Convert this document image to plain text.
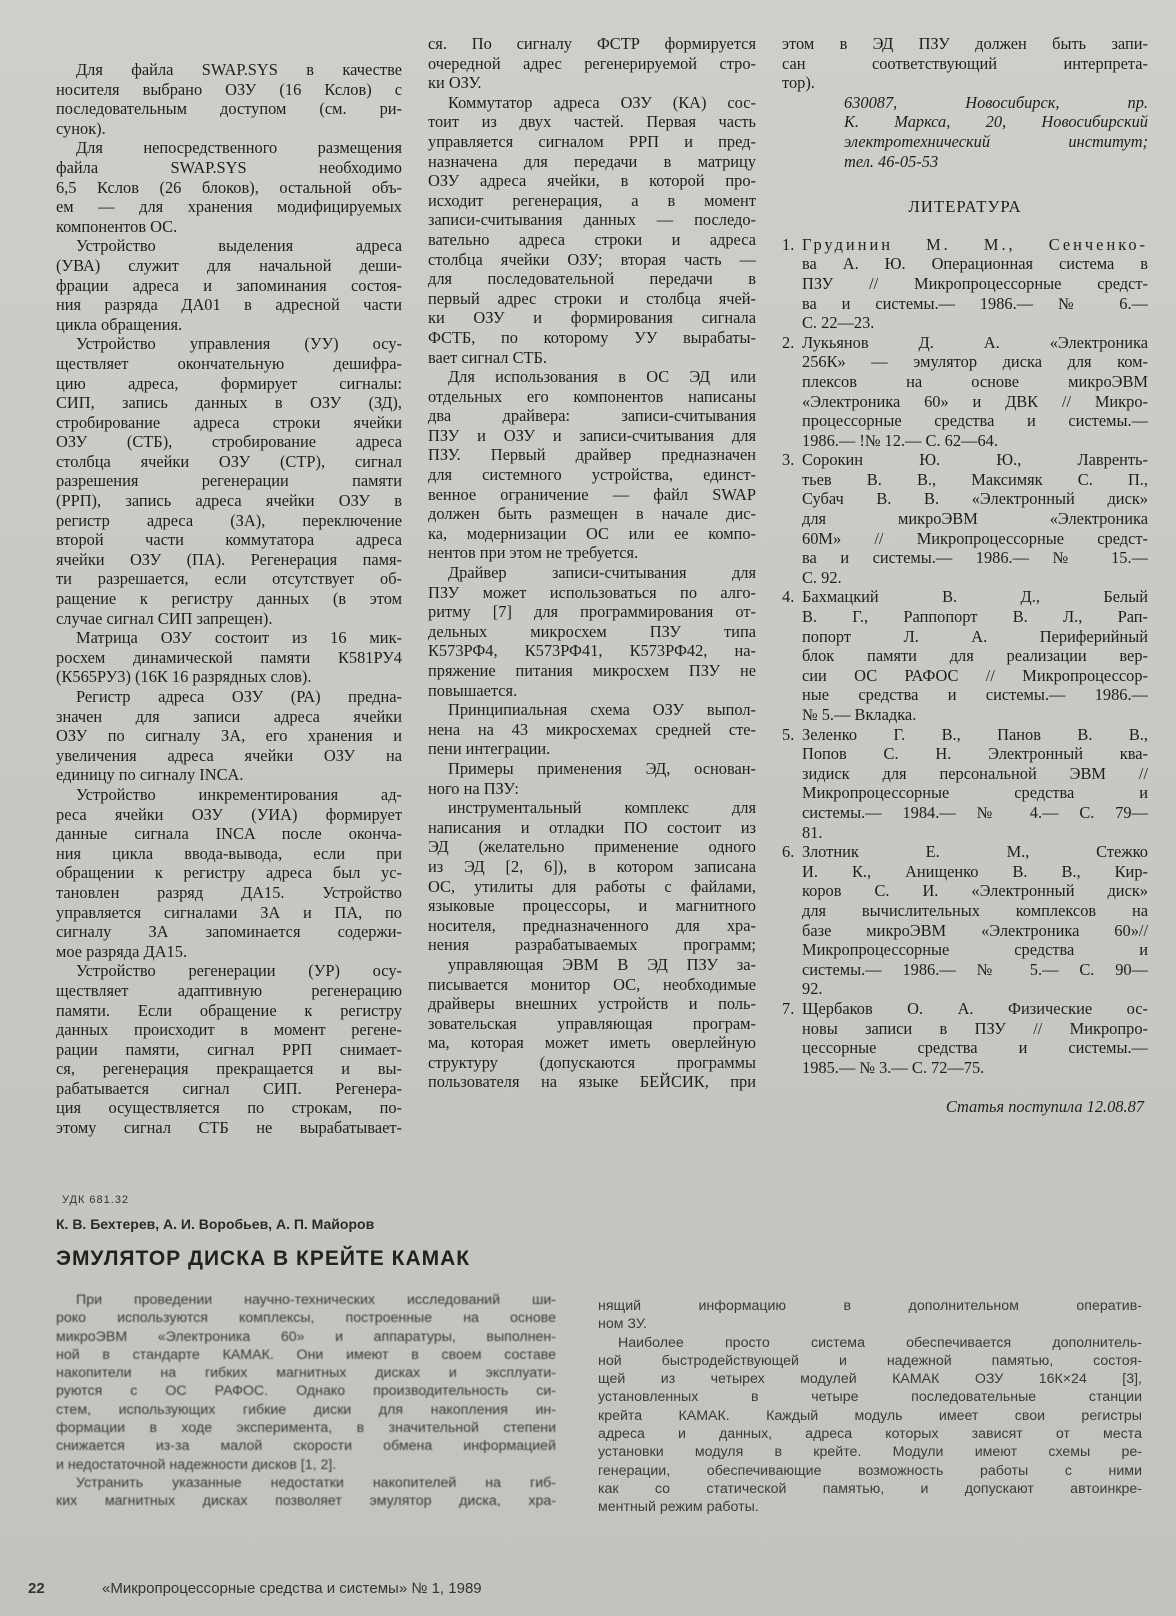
Для файла SWAP.SYS в качестве
носителя выбрано ОЗУ (16 Кслов) с
последовательным доступом (см. ри-
сунок).
Для непосредственного размещения
файла SWAP.SYS необходимо
6,5 Кслов (26 блоков), остальной объ-
ем — для хранения модифицируемых
компонентов ОС.
Устройство выделения адреса
(УВА) служит для начальной деши-
фрации адреса и запоминания состоя-
ния разряда ДА01 в адресной части
цикла обращения.
Устройство управления (УУ) осу-
ществляет окончательную дешифра-
цию адреса, формирует сигналы:
СИП, запись данных в ОЗУ (ЗД),
стробирование адреса строки ячейки
ОЗУ (СТБ), стробирование адреса
столбца ячейки ОЗУ (СТР), сигнал
разрешения регенерации памяти
(РРП), запись адреса ячейки ОЗУ в
регистр адреса (ЗА), переключение
второй части коммутатора адреса
ячейки ОЗУ (ПА). Регенерация памя-
ти разрешается, если отсутствует об-
ращение к регистру данных (в этом
случае сигнал СИП запрещен).
Матрица ОЗУ состоит из 16 мик-
росхем динамической памяти К581РУ4
(К565РУ3) (16К 16 разрядных слов).
Регистр адреса ОЗУ (РА) предна-
значен для записи адреса ячейки
ОЗУ по сигналу ЗА, его хранения и
увеличения адреса ячейки ОЗУ на
единицу по сигналу INCA.
Устройство инкрементирования ад-
реса ячейки ОЗУ (УИА) формирует
данные сигнала INCA после оконча-
ния цикла ввода-вывода, если при
обращении к регистру адреса был ус-
тановлен разряд ДА15. Устройство
управляется сигналами ЗА и ПА, по
сигналу ЗА запоминается содержи-
мое разряда ДА15.
Устройство регенерации (УР) осу-
ществляет адаптивную регенерацию
памяти. Если обращение к регистру
данных происходит в момент регене-
рации памяти, сигнал РРП снимает-
ся, регенерация прекращается и вы-
рабатывается сигнал СИП. Регенера-
ция осуществляется по строкам, по-
этому сигнал СТБ не вырабатывает-
ся. По сигналу ФСТР формируется
очередной адрес регенерируемой стро-
ки ОЗУ.
Коммутатор адреса ОЗУ (КА) сос-
тоит из двух частей. Первая часть
управляется сигналом РРП и пред-
назначена для передачи в матрицу
ОЗУ адреса ячейки, в которой про-
исходит регенерация, а в момент
записи-считывания данных — последо-
вательно адреса строки и адреса
столбца ячейки ОЗУ; вторая часть —
для последовательной передачи в
первый адрес строки и столбца ячей-
ки ОЗУ и формирования сигнала
ФСТБ, по которому УУ вырабаты-
вает сигнал СТБ.
Для использования в ОС ЭД или
отдельных его компонентов написаны
два драйвера: записи-считывания
ПЗУ и ОЗУ и записи-считывания для
ПЗУ. Первый драйвер предназначен
для системного устройства, единст-
венное ограничение — файл SWAP
должен быть размещен в начале дис-
ка, модернизации ОС или ее компо-
нентов при этом не требуется.
Драйвер записи-считывания для
ПЗУ может использоваться по алго-
ритму [7] для программирования от-
дельных микросхем ПЗУ типа
К573РФ4, К573РФ41, К573РФ42, на-
пряжение питания микросхем ПЗУ не
повышается.
Принципиальная схема ОЗУ выпол-
нена на 43 микросхемах средней сте-
пени интеграции.
Примеры применения ЭД, основан-
ного на ПЗУ:
инструментальный комплекс для
написания и отладки ПО состоит из
ЭД (желательно применение одного
из ЭД [2, 6]), в котором записана
ОС, утилиты для работы с файлами,
языковые процессоры, и магнитного
носителя, предназначенного для хра-
нения разрабатываемых программ;
управляющая ЭВМ В ЭД ПЗУ за-
писывается монитор ОС, необходимые
драйверы внешних устройств и поль-
зовательская управляющая програм-
ма, которая может иметь оверлейную
структуру (допускаются программы
пользователя на языке БЕЙСИК, при
этом в ЭД ПЗУ должен быть запи-
сан соответствующий интерпрета-
тор).
630087, Новосибирск, пр.
К. Маркса, 20, Новосибирский
электротехнический институт;
тел. 46-05-53
ЛИТЕРАТУРА
1. Грудинин М. М., Сенченко-
ва А. Ю. Операционная система в
ПЗУ // Микропроцессорные средст-
ва и системы.— 1986.— № 6.—
С. 22—23.
2. Лукьянов Д. А. «Электроника
256К» — эмулятор диска для ком-
плексов на основе микроЭВМ
«Электроника 60» и ДВК // Микро-
процессорные средства и системы.—
1986.— !№ 12.— С. 62—64.
3. Сорокин Ю. Ю., Лавренть-
тьев В. В., Максимяк С. П.,
Субач В. В. «Электронный диск»
для микроЭВМ «Электроника
60М» // Микропроцессорные средст-
ва и системы.— 1986.— № 15.—
С. 92.
4. Бахмацкий В. Д., Белый
В. Г., Раппопорт В. Л., Рап-
попорт Л. А. Периферийный
блок памяти для реализации вер-
сии ОС РАФОС // Микропроцессор-
ные средства и системы.— 1986.—
№ 5.— Вкладка.
5. Зеленко Г. В., Панов В. В.,
Попов С. Н. Электронный ква-
зидиск для персональной ЭВМ //
Микропроцессорные средства и
системы.— 1984.— № 4.— С. 79—
81.
6. Злотник Е. М., Стежко
И. К., Анищенко В. В., Кир-
коров С. И. «Электронный диск»
для вычислительных комплексов на
базе микроЭВМ «Электроника 60»//
Микропроцессорные средства и
системы.— 1986.— № 5.— С. 90—
92.
7. Щербаков О. А. Физические ос-
новы записи в ПЗУ // Микропро-
цессорные средства и системы.—
1985.— № 3.— С. 72—75.
Статья поступила 12.08.87
УДК 681.32
К. В. Бехтерев, А. И. Воробьев, А. П. Майоров
ЭМУЛЯТОР ДИСКА В КРЕЙТЕ КАМАК
При проведении научно-технических исследований ши-
роко используются комплексы, построенные на основе
микроЭВМ «Электроника 60» и аппаратуры, выполнен-
ной в стандарте КАМАК. Они имеют в своем составе
накопители на гибких магнитных дисках и эксплуати-
руются с ОС РАФОС. Однако производительность си-
стем, использующих гибкие диски для накопления ин-
формации в ходе эксперимента, в значительной степени
снижается из-за малой скорости обмена информацией
и недостаточной надежности дисков [1, 2].
Устранить указанные недостатки накопителей на гиб-
ких магнитных дисках позволяет эмулятор диска, хра-
нящий информацию в дополнительном оператив-
ном ЗУ.
Наиболее просто система обеспечивается дополнитель-
ной быстродействующей и надежной памятью, состоя-
щей из четырех модулей КАМАК ОЗУ 16К×24 [3],
установленных в четыре последовательные станции
крейта КАМАК. Каждый модуль имеет свои регистры
адреса и данных, адреса которых зависят от места
установки модуля в крейте. Модули имеют схемы ре-
генерации, обеспечивающие возможность работы с ними
как со статической памятью, и допускают автоинкре-
ментный режим работы.
22	«Микропроцессорные средства и системы» № 1, 1989
